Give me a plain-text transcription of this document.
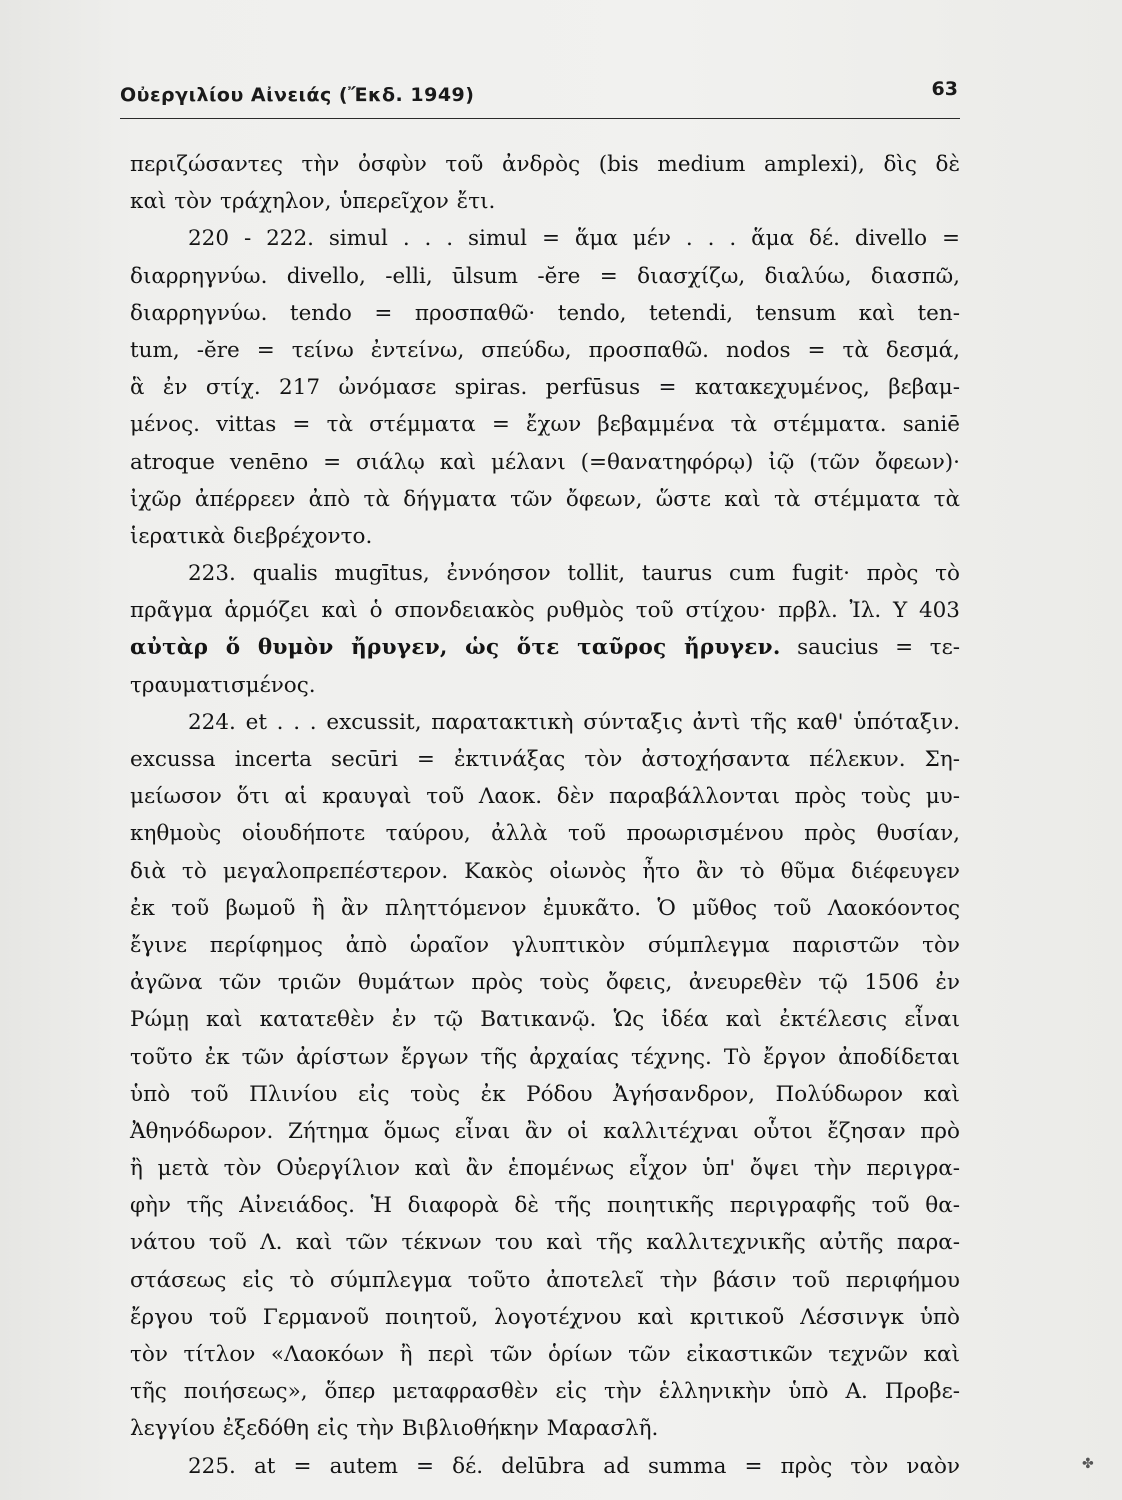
Οὐεργιλίου Αἰνειάς (Ἔκδ. 1949)	63
περιζώσαντες τὴν ὀσφὺν τοῦ ἀνδρὸς (bis medium amplexi), δὶς δὲ
καὶ τὸν τράχηλον, ὑπερεῖχον ἔτι.
220 - 222. simul . . . simul = ἅμα μέν . . . ἅμα δέ. divello =
διαρρηγνύω. divello, -elli, ūlsum -ĕre = διασχίζω, διαλύω, διασπῶ,
διαρρηγνύω. tendo = προσπαθῶ· tendo, tetendi, tensum καὶ ten-
tum, -ĕre = τείνω ἐντείνω, σπεύδω, προσπαθῶ. nodos = τὰ δεσμά,
ἃ ἐν στίχ. 217 ὠνόμασε spiras. perfūsus = κατακεχυμένος, βεβαμ-
μένος. vittas = τὰ στέμματα = ἔχων βεβαμμένα τὰ στέμματα. saniē
atroque venēno = σιάλῳ καὶ μέλανι (=θανατηφόρῳ) ἰῷ (τῶν ὄφεων)·
ἰχῶρ ἀπέρρεεν ἀπὸ τὰ δήγματα τῶν ὄφεων, ὥστε καὶ τὰ στέμματα τὰ
ἱερατικὰ διεβρέχοντο.
223. qualis mugītus, ἐννόησον tollit, taurus cum fugit· πρὸς τὸ
πρᾶγμα ἁρμόζει καὶ ὁ σπονδειακὸς ρυθμὸς τοῦ στίχου· πρβλ. Ἰλ. Υ 403
αὐτὰρ ὅ θυμὸν ἤρυγεν, ὡς ὅτε ταῦρος ἤρυγεν. saucius = τε-
τραυματισμένος.
224. et . . . excussit, παρατακτικὴ σύνταξις ἀντὶ τῆς καθ' ὑπόταξιν.
excussa incerta secūri = ἐκτινάξας τὸν ἀστοχήσαντα πέλεκυν. Ση-
μείωσον ὅτι αἱ κραυγαὶ τοῦ Λαοκ. δὲν παραβάλλονται πρὸς τοὺς μυ-
κηθμοὺς οἱουδήποτε ταύρου, ἀλλὰ τοῦ προωρισμένου πρὸς θυσίαν,
διὰ τὸ μεγαλοπρεπέστερον. Κακὸς οἰωνὸς ἦτο ἂν τὸ θῦμα διέφευγεν
ἐκ τοῦ βωμοῦ ἢ ἂν πληττόμενον ἐμυκᾶτο. Ὁ μῦθος τοῦ Λαοκόοντος
ἔγινε περίφημος ἀπὸ ὡραῖον γλυπτικὸν σύμπλεγμα παριστῶν τὸν
ἀγῶνα τῶν τριῶν θυμάτων πρὸς τοὺς ὄφεις, ἀνευρεθὲν τῷ 1506 ἐν
Ρώμῃ καὶ κατατεθὲν ἐν τῷ Βατικανῷ. Ὡς ἰδέα καὶ ἐκτέλεσις εἶναι
τοῦτο ἐκ τῶν ἀρίστων ἔργων τῆς ἀρχαίας τέχνης. Τὸ ἔργον ἀποδίδεται
ὑπὸ τοῦ Πλινίου εἰς τοὺς ἐκ Ρόδου Ἀγήσανδρον, Πολύδωρον καὶ
Ἀθηνόδωρον. Ζήτημα ὅμως εἶναι ἂν οἱ καλλιτέχναι οὗτοι ἔζησαν πρὸ
ἢ μετὰ τὸν Οὐεργίλιον καὶ ἂν ἑπομένως εἶχον ὑπ' ὄψει τὴν περιγρα-
φὴν τῆς Αἰνειάδος. Ἡ διαφορὰ δὲ τῆς ποιητικῆς περιγραφῆς τοῦ θα-
νάτου τοῦ Λ. καὶ τῶν τέκνων του καὶ τῆς καλλιτεχνικῆς αὐτῆς παρα-
στάσεως εἰς τὸ σύμπλεγμα τοῦτο ἀποτελεῖ τὴν βάσιν τοῦ περιφήμου
ἔργου τοῦ Γερμανοῦ ποιητοῦ, λογοτέχνου καὶ κριτικοῦ Λέσσινγκ ὑπὸ
τὸν τίτλον «Λαοκόων ἢ περὶ τῶν ὁρίων τῶν εἰκαστικῶν τεχνῶν καὶ
τῆς ποιήσεως», ὅπερ μεταφρασθὲν εἰς τὴν ἑλληνικὴν ὑπὸ Α. Προβε-
λεγγίου ἐξεδόθη εἰς τὴν Βιβλιοθήκην Μαρασλῆ.
225. at = autem = δέ. delūbra ad summa = πρὸς τὸν ναὸν	✤
